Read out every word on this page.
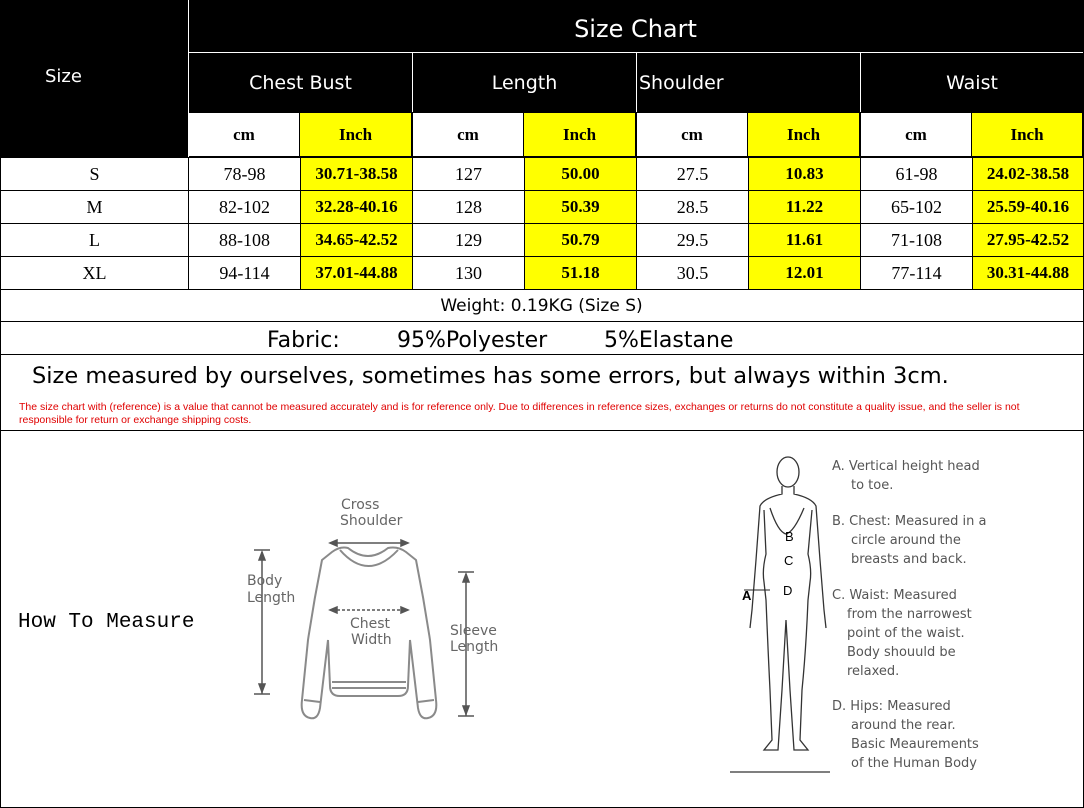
Size Chart
Size	Chest Bust	Length	Shoulder	Waist
cm	Inch	cm	Inch	cm	Inch	cm	Inch
S	78-98	30.71-38.58	127	50.00	27.5	10.83	61-98	24.02-38.58
M	82-102	32.28-40.16	128	50.39	28.5	11.22	65-102	25.59-40.16
L	88-108	34.65-42.52	129	50.79	29.5	11.61	71-108	27.95-42.52
XL	94-114	37.01-44.88	130	51.18	30.5	12.01	77-114	30.31-44.88
Weight: 0.19KG (Size S)
Fabric:	95%Polyester	5%Elastane
Size measured by ourselves, sometimes has some errors, but always within 3cm.
The size chart with (reference) is a value that cannot be measured accurately and is for reference only. Due to differences in reference sizes, exchanges or returns do not constitute a quality issue, and the seller is not responsible for return or exchange shipping costs.
How To Measure
Cross
Shoulder
Body
Length
Chest
Width
Sleeve
Length
A
B
C
D
A. Vertical height head
to toe.
B. Chest: Measured in a
circle around the
breasts and back.
C. Waist: Measured
from the narrowest
point of the waist.
Body shouuld be
relaxed.
D. Hips: Measured
around the rear.
Basic Meaurements
of the Human Body
